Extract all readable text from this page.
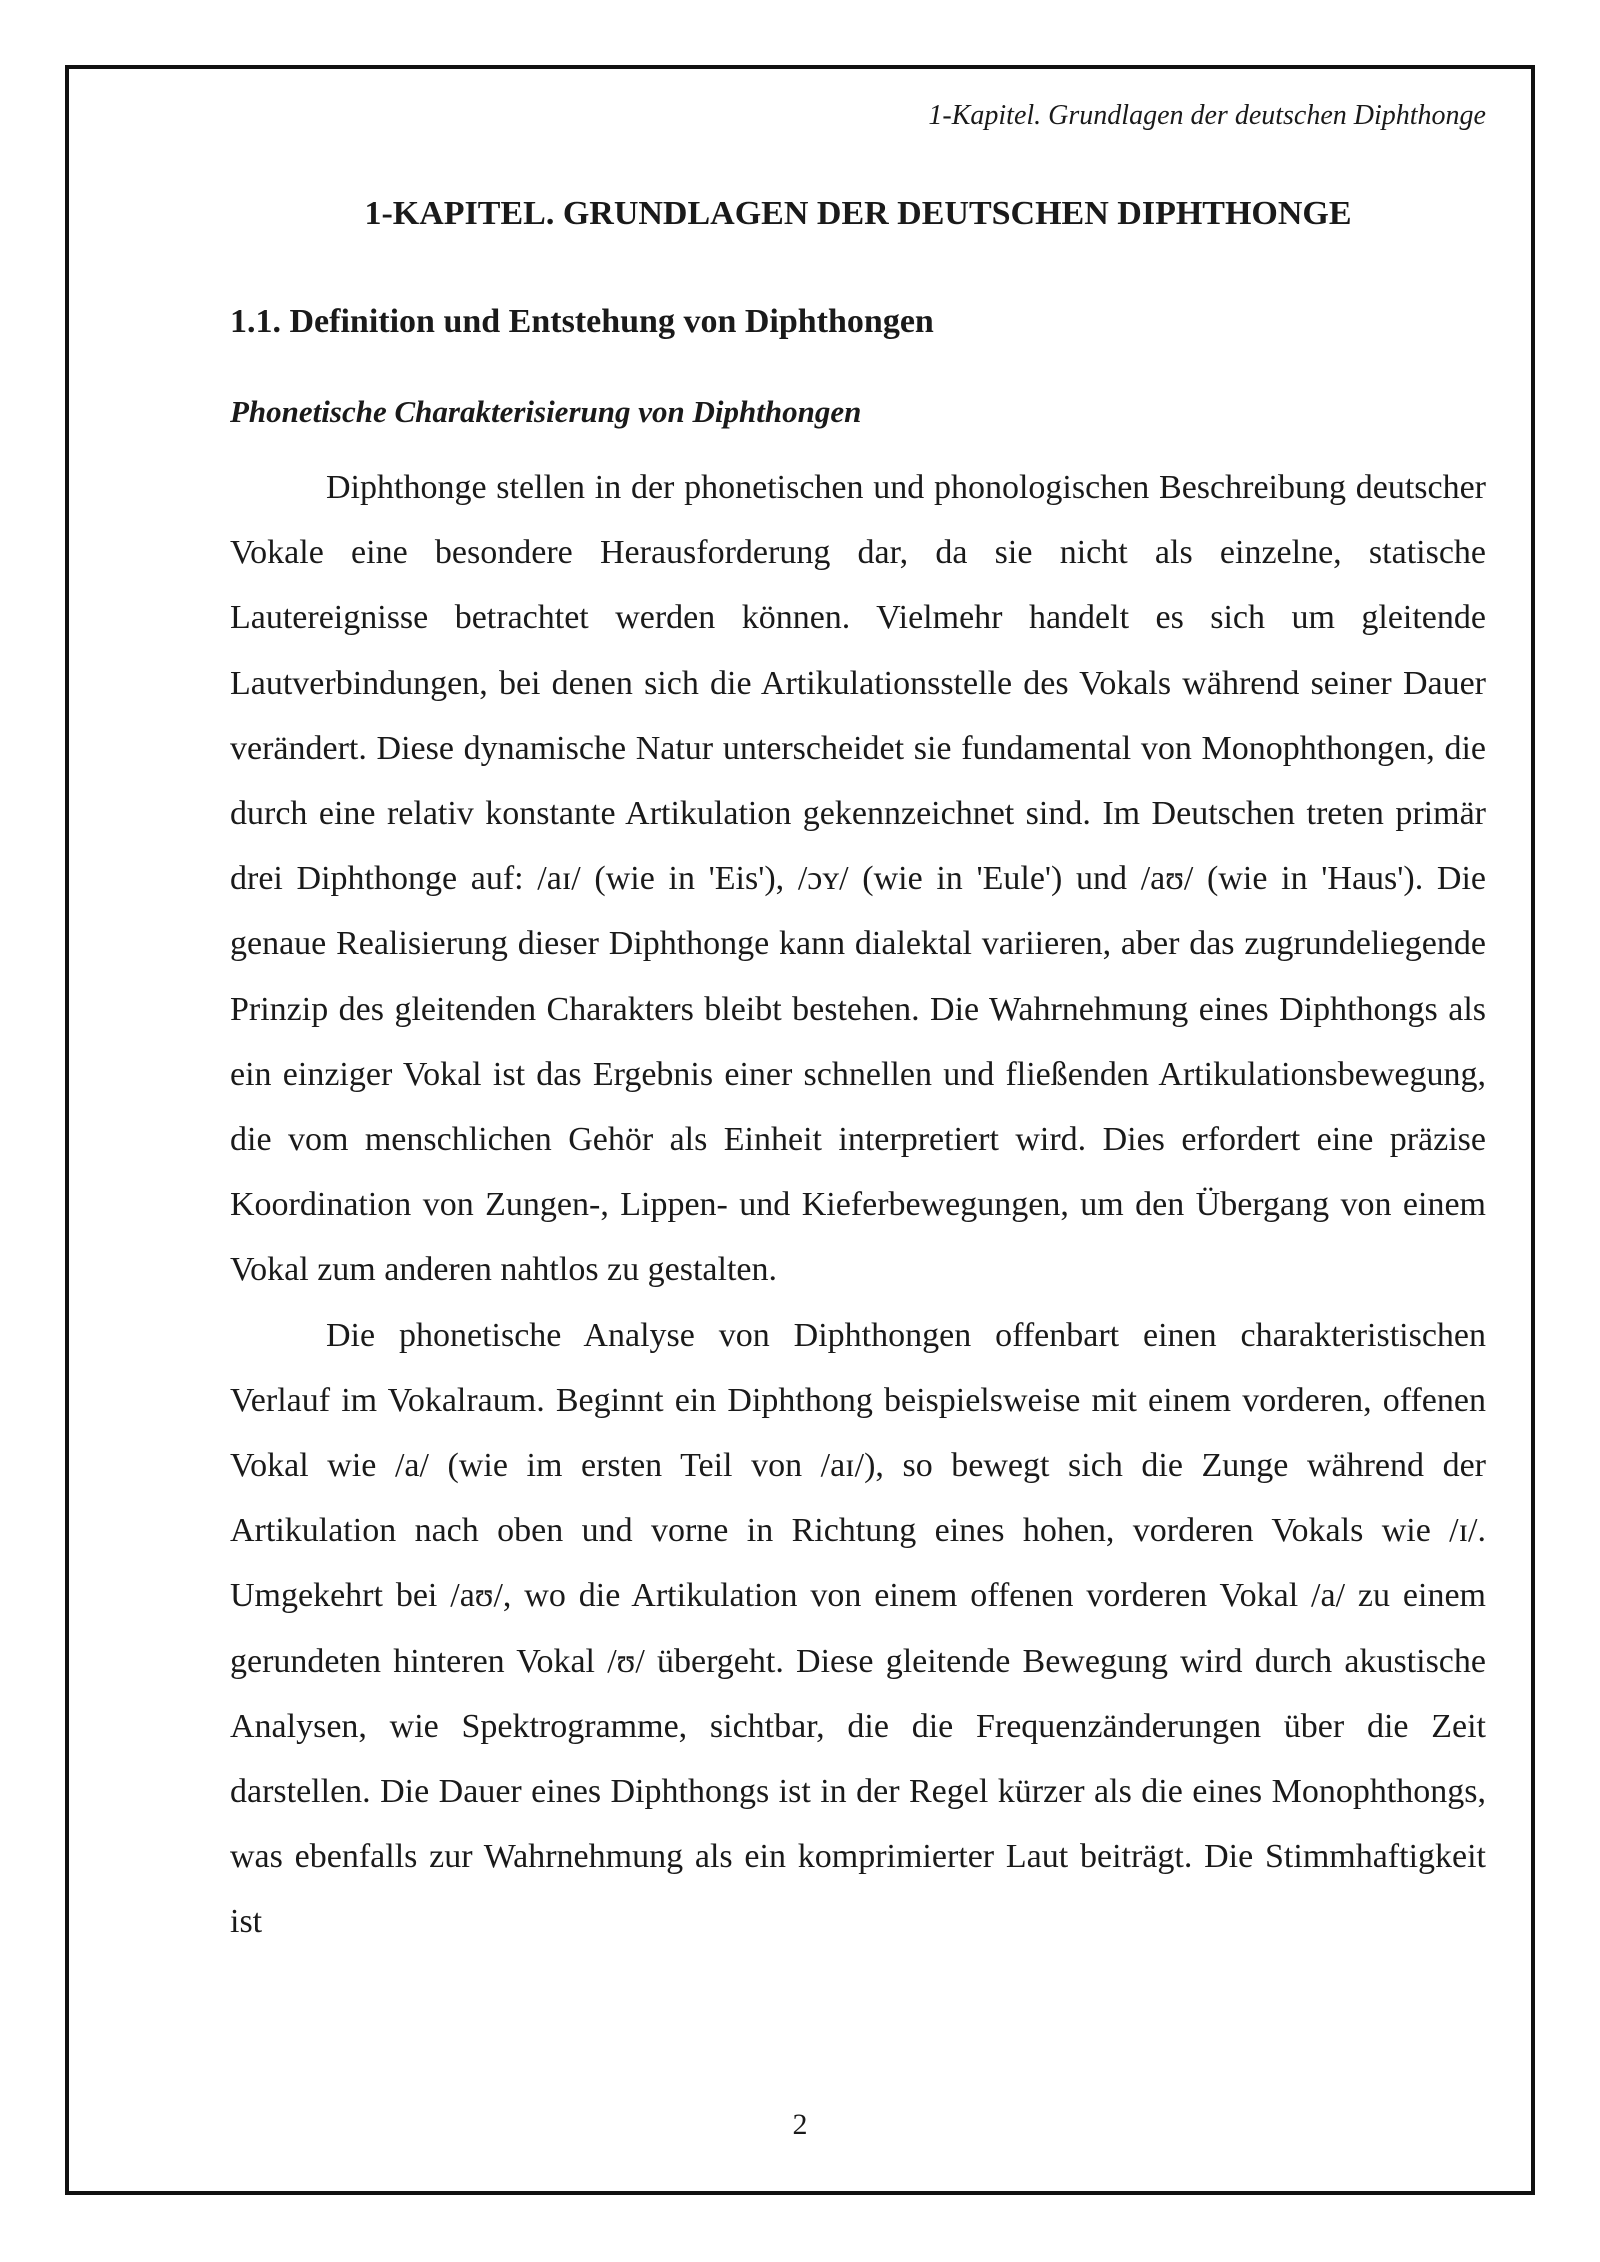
1-Kapitel. Grundlagen der deutschen Diphthonge
1-KAPITEL. GRUNDLAGEN DER DEUTSCHEN DIPHTHONGE
1.1. Definition und Entstehung von Diphthongen
Phonetische Charakterisierung von Diphthongen

Diphthonge stellen in der phonetischen und phonologischen Beschreibung deutscher Vokale eine besondere Herausforderung dar, da sie nicht als einzelne, statische Lautereignisse betrachtet werden können. Vielmehr handelt es sich um gleitende Lautverbindungen, bei denen sich die Artikulationsstelle des Vokals während seiner Dauer verändert. Diese dynamische Natur unterscheidet sie fundamental von Monophthongen, die durch eine relativ konstante Artikulation gekennzeichnet sind. Im Deutschen treten primär drei Diphthonge auf: /aɪ/ (wie in 'Eis'), /ɔʏ/ (wie in 'Eule') und /aʊ/ (wie in 'Haus'). Die genaue Realisierung dieser Diphthonge kann dialektal variieren, aber das zugrundeliegende Prinzip des gleitenden Charakters bleibt bestehen. Die Wahrnehmung eines Diphthongs als ein einziger Vokal ist das Ergebnis einer schnellen und fließenden Artikulationsbewegung, die vom menschlichen Gehör als Einheit interpretiert wird. Dies erfordert eine präzise Koordination von Zungen-, Lippen- und Kieferbewegungen, um den Übergang von einem Vokal zum anderen nahtlos zu gestalten.

Die phonetische Analyse von Diphthongen offenbart einen charakteristischen Verlauf im Vokalraum. Beginnt ein Diphthong beispielsweise mit einem vorderen, offenen Vokal wie /a/ (wie im ersten Teil von /aɪ/), so bewegt sich die Zunge während der Artikulation nach oben und vorne in Richtung eines hohen, vorderen Vokals wie /ɪ/. Umgekehrt bei /aʊ/, wo die Artikulation von einem offenen vorderen Vokal /a/ zu einem gerundeten hinteren Vokal /ʊ/ übergeht. Diese gleitende Bewegung wird durch akustische Analysen, wie Spektrogramme, sichtbar, die die Frequenzänderungen über die Zeit darstellen. Die Dauer eines Diphthongs ist in der Regel kürzer als die eines Monophthongs, was ebenfalls zur Wahrnehmung als ein komprimierter Laut beiträgt. Die Stimmhaftigkeit ist

2
